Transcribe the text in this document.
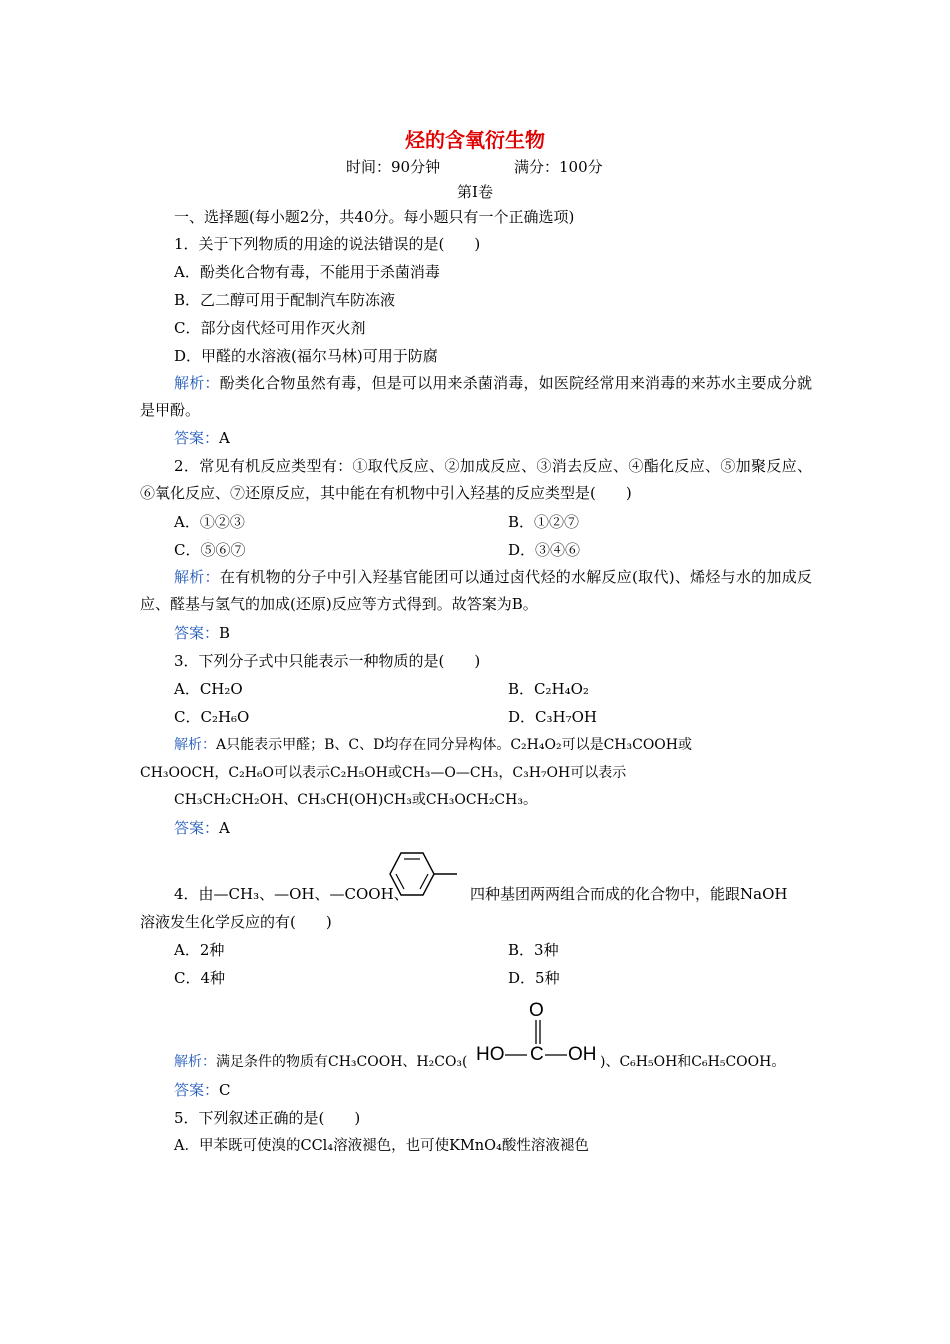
烃的含氧衍生物
时间：90分钟	满分：100分
第Ⅰ卷
一、选择题(每小题2分，共40分。每小题只有一个正确选项)
1．关于下列物质的用途的说法错误的是(　　)
A．酚类化合物有毒，不能用于杀菌消毒
B．乙二醇可用于配制汽车防冻液
C．部分卤代烃可用作灭火剂
D．甲醛的水溶液(福尔马林)可用于防腐
解析：酚类化合物虽然有毒，但是可以用来杀菌消毒，如医院经常用来消毒的来苏水主要成分就是甲酚。
答案：A
2．常见有机反应类型有：①取代反应、②加成反应、③消去反应、④酯化反应、⑤加聚反应、⑥氧化反应、⑦还原反应，其中能在有机物中引入羟基的反应类型是(　　)
A．①②③	B．①②⑦
C．⑤⑥⑦	D．③④⑥
解析：在有机物的分子中引入羟基官能团可以通过卤代烃的水解反应(取代)、烯烃与水的加成反应、醛基与氢气的加成(还原)反应等方式得到。故答案为B。
答案：B
3．下列分子式中只能表示一种物质的是(　　)
A．CH₂O	B．C₂H₄O₂
C．C₂H₆O	D．C₃H₇OH
解析：A只能表示甲醛；B、C、D均存在同分异构体。C₂H₄O₂可以是CH₃COOH或
CH₃OOCH，C₂H₆O可以表示C₂H₅OH或CH₃—O—CH₃，C₃H₇OH可以表示
CH₃CH₂CH₂OH、CH₃CH(OH)CH₃或CH₃OCH₂CH₃。
答案：A
4．由—CH₃、—OH、—COOH、	四种基团两两组合而成的化合物中，能跟NaOH
溶液发生化学反应的有(　　)
A．2种	B．3种
C．4种	D．5种
解析：满足条件的物质有CH₃COOH、H₂CO₃(
O
HO C OH )、C₆H₅OH和C₆H₅COOH。
答案：C
5．下列叙述正确的是(　　)
A．甲苯既可使溴的CCl₄溶液褪色，也可使KMnO₄酸性溶液褪色
